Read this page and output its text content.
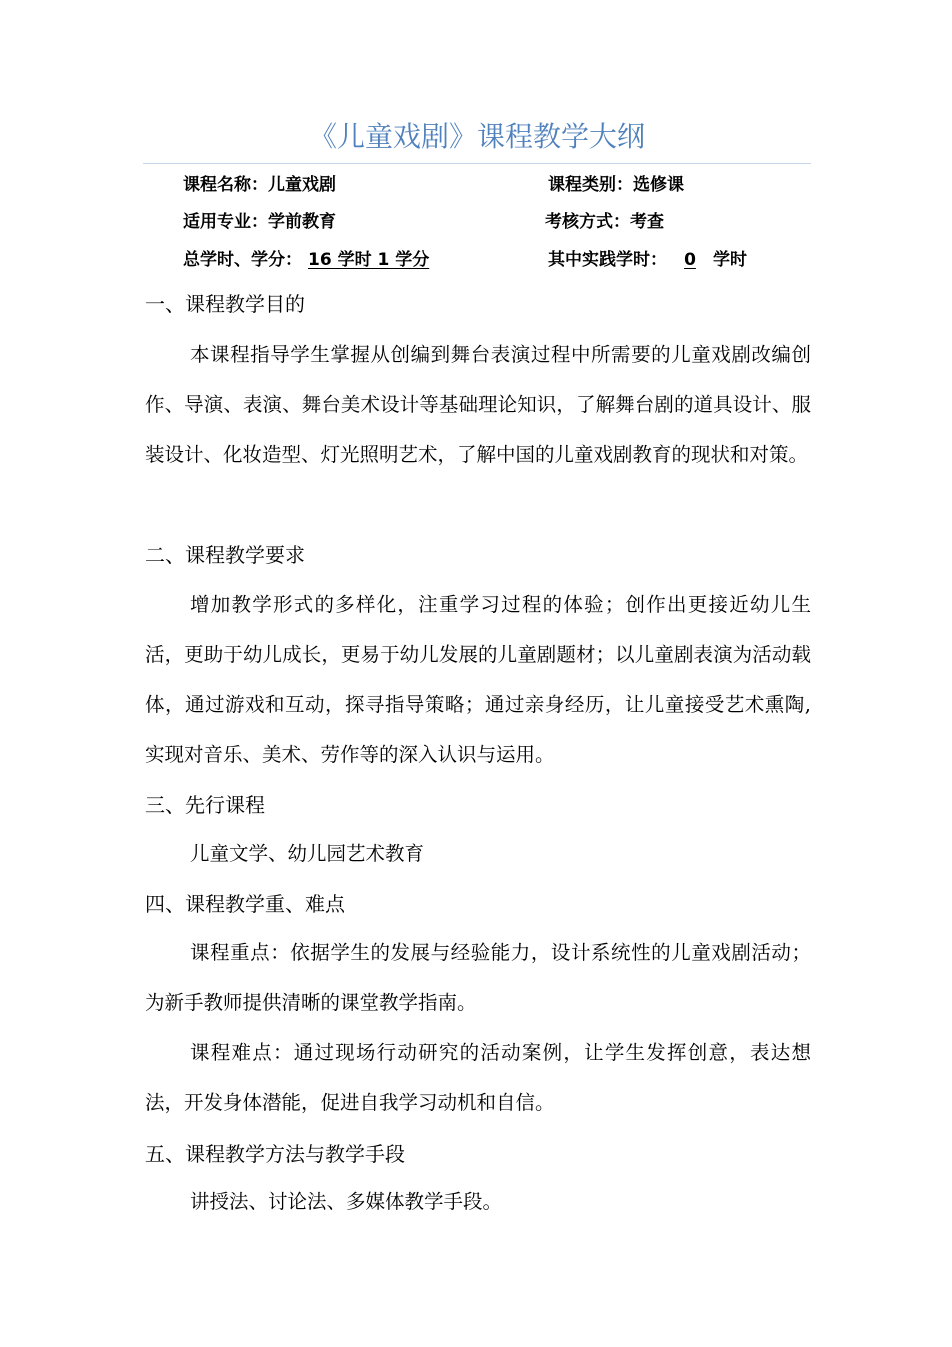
《儿童戏剧》课程教学大纲
课程名称：儿童戏剧	课程类别：选修课
适用专业：学前教育	考核方式：考查
总学时、学分： 16 学时 1 学分	其中实践学时： 0 学时
一、课程教学目的

本课程指导学生掌握从创编到舞台表演过程中所需要的儿童戏剧改编创作、导演、表演、舞台美术设计等基础理论知识，了解舞台剧的道具设计、服装设计、化妆造型、灯光照明艺术，了解中国的儿童戏剧教育的现状和对策。

二、课程教学要求

增加教学形式的多样化，注重学习过程的体验；创作出更接近幼儿生活，更助于幼儿成长，更易于幼儿发展的儿童剧题材；以儿童剧表演为活动载体，通过游戏和互动，探寻指导策略；通过亲身经历，让儿童接受艺术熏陶,实现对音乐、美术、劳作等的深入认识与运用。

三、先行课程

儿童文学、幼儿园艺术教育

四、课程教学重、难点

课程重点：依据学生的发展与经验能力，设计系统性的儿童戏剧活动；为新手教师提供清晰的课堂教学指南。

课程难点：通过现场行动研究的活动案例，让学生发挥创意，表达想法，开发身体潜能，促进自我学习动机和自信。

五、课程教学方法与教学手段

讲授法、讨论法、多媒体教学手段。
